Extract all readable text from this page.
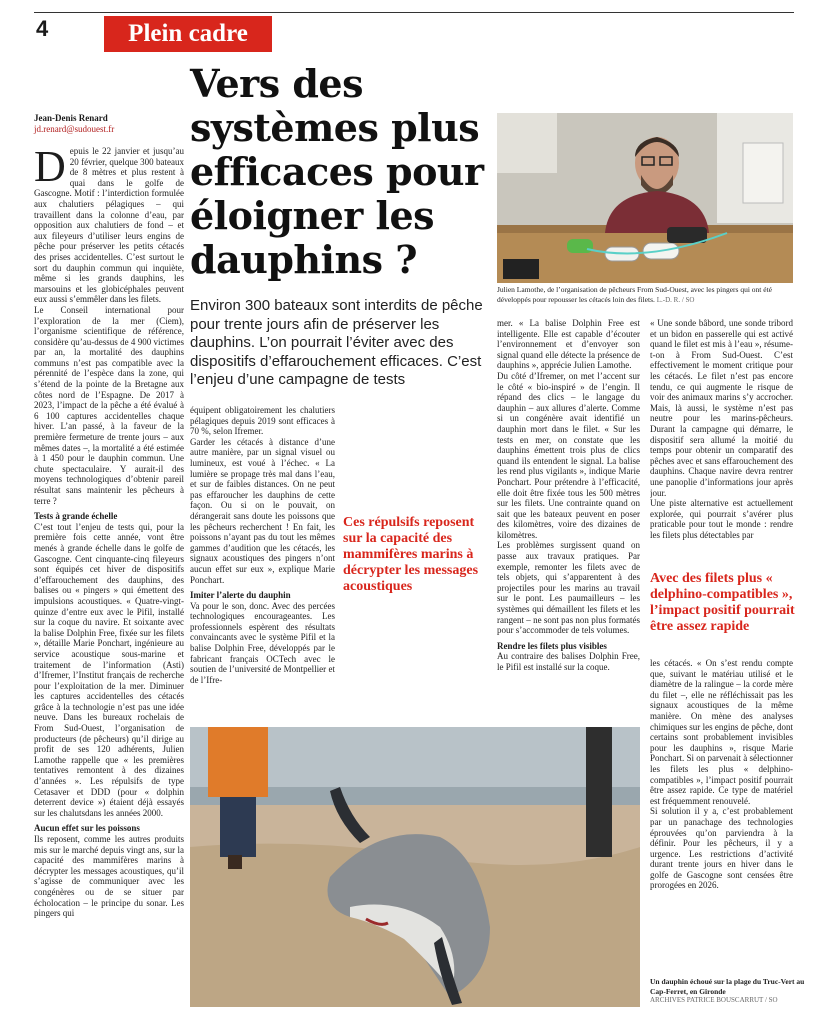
4	Plein cadre
Vers des systèmes plus efficaces pour éloigner les dauphins ?
Jean-Denis Renard
jd.renard@sudouest.fr

Depuis le 22 janvier et jusqu’au 20 février, quelque 300 bateaux de 8 mètres et plus restent à quai dans le golfe de Gascogne. Motif : l’interdiction formulée aux chalutiers pélagiques – qui travaillent dans la colonne d’eau, par opposition aux chalutiers de fond – et aux fileyeurs d’utiliser leurs engins de pêche pour préserver les petits cétacés des prises accidentelles. C’est surtout le sort du dauphin commun qui inquiète, même si les grands dauphins, les marsouins et les globicéphales peuvent eux aussi s’emmêler dans les filets.

Le Conseil international pour l’exploration de la mer (Ciem), l’organisme scientifique de référence, considère qu’au-dessus de 4 900 victimes par an, la mortalité des dauphins communs n’est pas compatible avec la pérennité de l’espèce dans la zone, qui s’étend de la pointe de la Bretagne aux côtes nord de l’Espagne. De 2017 à 2023, l’impact de la pêche a été évalué à 6 100 captures accidentelles chaque hiver. L’an passé, à la faveur de la première fermeture de trente jours – aux mêmes dates –, la mortalité a été estimée à 1 450 pour le dauphin commun. Une chute spectaculaire. Y aurait-il des moyens technologiques d’obtenir pareil résultat sans maintenir les pêcheurs à terre ?

Tests à grande échelle

C’est tout l’enjeu de tests qui, pour la première fois cette année, vont être menés à grande échelle dans le golfe de Gascogne. Cent cinquante-cinq fileyeurs sont équipés cet hiver de dispositifs d’effarouchement des dauphins, des balises ou « pingers » qui émettent des impulsions acoustiques. « Quatre-vingt-quinze d’entre eux avec le Pifil, installé sur la coque du navire. Et soixante avec la balise Dolphin Free, fixée sur les filets », détaille Marie Ponchart, ingénieure au service acoustique sous-marine et traitement de l’information (Asti) d’Ifremer, l’Institut français de recherche pour l’exploitation de la mer. Diminuer les captures accidentelles des cétacés grâce à la technologie n’est pas une idée neuve. Dans les bureaux rochelais de From Sud-Ouest, l’organisation de producteurs (de pêcheurs) qu’il dirige au profit de ses 120 adhérents, Julien Lamothe rappelle que « les premières tentatives remontent à des dizaines d’années ». Les répulsifs de type Cetasaver et DDD (pour « dolphin deterrent device ») étaient déjà essayés sur les chalutsdans les années 2000.

Aucun effet sur les poissons

Ils reposent, comme les autres produits mis sur le marché depuis vingt ans, sur la capacité des mammifères marins à décrypter les messages acoustiques, qu’il s’agisse de communiquer avec les congénères ou de se situer par écholocation – le principe du sonar. Les pingers qui

Julien Lamothe, de l’organisation de pêcheurs From Sud-Ouest, avec les pingers qui ont été développés pour repousser les cétacés loin des filets. L.-D. R. / SO
Environ 300 bateaux sont interdits de pêche pour trente jours afin de préserver les dauphins. L’on pourrait l’éviter avec des dispositifs d’effarouchement efficaces. C’est l’enjeu d’une campagne de tests

équipent obligatoirement les chalutiers pélagiques depuis 2019 sont efficaces à 70 %, selon Ifremer.

Garder les cétacés à distance d’une autre manière, par un signal visuel ou lumineux, est voué à l’échec. « La lumière se propage très mal dans l’eau, et sur de faibles distances. On ne peut pas effaroucher les dauphins de cette façon. Ou si on le pouvait, on dérangerait sans doute les poissons que les pêcheurs recherchent ! En fait, les poissons n’ayant pas du tout les mêmes gammes d’audition que les cétacés, les signaux acoustiques des pingers n’ont aucun effet sur eux », explique Marie Ponchart.

Imiter l’alerte du dauphin

Va pour le son, donc. Avec des percées technologiques encourageantes. Les professionnels espèrent des résultats convaincants avec le système Pifil et la balise Dolphin Free, développés par le fabricant français OCTech avec le soutien de l’université de Montpellier et de l’Ifre-

Ces répulsifs reposent sur la capacité des mammifères marins à décrypter les messages acoustiques

mer. « La balise Dolphin Free est intelligente. Elle est capable d’écouter l’environnement et d’envoyer son signal quand elle détecte la présence de dauphins », apprécie Julien Lamothe.

Du côté d’Ifremer, on met l’accent sur le côté « bio-inspiré » de l’engin. Il répand des clics – le langage du dauphin – aux allures d’alerte. Comme si un congénère avait identifié un dauphin mort dans le filet. « Sur les tests en mer, on constate que les dauphins émettent trois plus de clics quand ils entendent le signal. La balise les rend plus vigilants », indique Marie Ponchart. Pour prétendre à l’efficacité, elle doit être fixée tous les 500 mètres sur les filets. Une contrainte quand on sait que les bateaux peuvent en poser des kilomètres, voire des dizaines de kilomètres.

Les problèmes surgissent quand on passe aux travaux pratiques. Par exemple, remonter les filets avec de tels objets, qui s’apparentent à des projectiles pour les marins au travail sur le pont. Les paumailleurs – les systèmes qui démaillent les filets et les rangent – ne sont pas non plus formatés pour s’accommoder de tels volumes.

Rendre les filets plus visibles

Au contraire des balises Dolphin Free, le Pifil est installé sur la coque.

« Une sonde bâbord, une sonde tribord et un bidon en passerelle qui est activé quand le filet est mis à l’eau », résume-t-on à From Sud-Ouest. C’est effectivement le moment critique pour les cétacés. Le filet n’est pas encore tendu, ce qui augmente le risque de voir des animaux marins s’y accrocher. Mais, là aussi, le système n’est pas neutre pour les marins-pêcheurs. Durant la campagne qui démarre, le dispositif sera allumé la moitié du temps pour obtenir un comparatif des pêches avec et sans effarouchement des dauphins. Chaque navire devra rentrer une panoplie d’informations jour après jour.

Une piste alternative est actuellement explorée, qui pourrait s’avérer plus praticable pour tout le monde : rendre les filets plus détectables par

Avec des filets plus « delphino-compatibles », l’impact positif pourrait être assez rapide

les cétacés. « On s’est rendu compte que, suivant le matériau utilisé et le diamètre de la ralingue – la corde mère du filet –, elle ne réfléchissait pas les signaux acoustiques de la même manière. On mène des analyses chimiques sur les engins de pêche, dont certains sont probablement invisibles pour les dauphins », risque Marie Ponchart. Si on parvenait à sélectionner les filets les plus « delphino-compatibles », l’impact positif pourrait être assez rapide. Ce type de matériel est fréquemment renouvelé.

Si solution il y a, c’est probablement par un panachage des technologies éprouvées qu’on parviendra à la définir. Pour les pêcheurs, il y a urgence. Les restrictions d’activité durant trente jours en hiver dans le golfe de Gascogne sont censées être prorogées en 2026.

Un dauphin échoué sur la plage du Truc-Vert au Cap-Ferret, en Gironde
ARCHIVES PATRICE BOUSCARRUT / SO
